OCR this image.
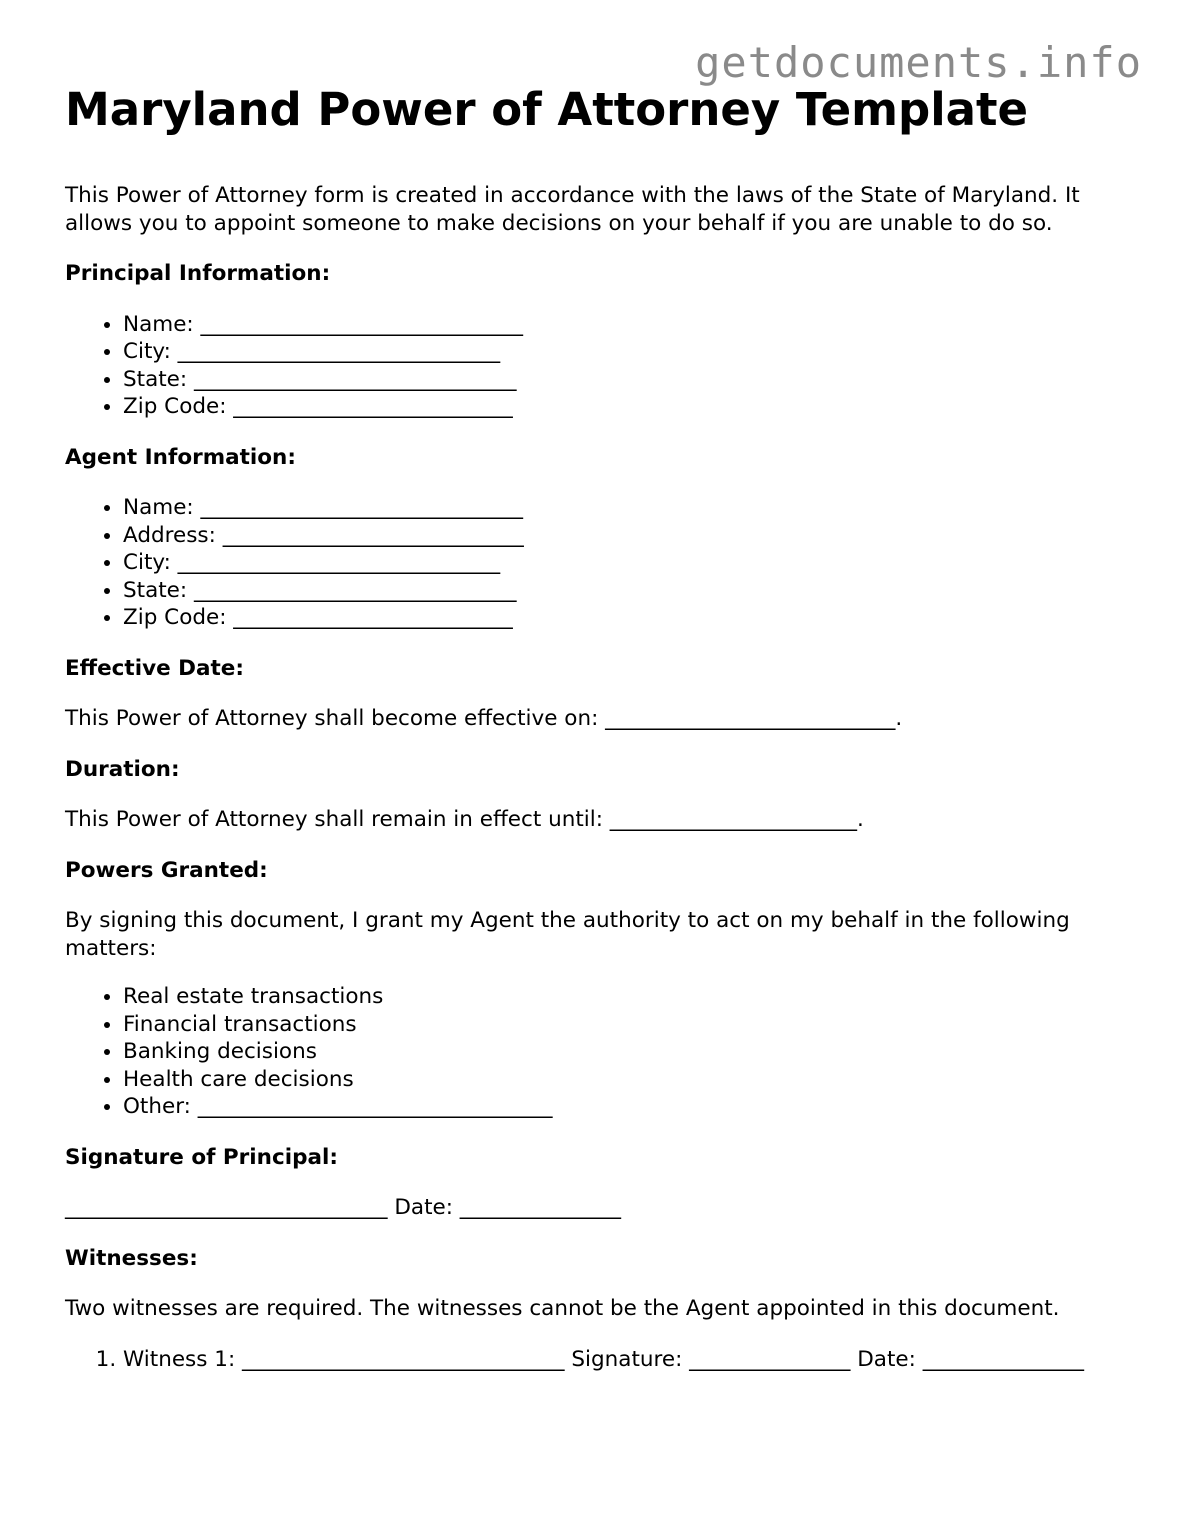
getdocuments.info
Maryland Power of Attorney Template

This Power of Attorney form is created in accordance with the laws of the State of Maryland. It allows you to appoint someone to make decisions on your behalf if you are unable to do so.

Principal Information:

• Name: ______________________________
• City: ______________________________
• State: ______________________________
• Zip Code: __________________________

Agent Information:

• Name: ______________________________
• Address: ____________________________
• City: ______________________________
• State: ______________________________
• Zip Code: __________________________

Effective Date:

This Power of Attorney shall become effective on: ___________________________.

Duration:

This Power of Attorney shall remain in effect until: _______________________.

Powers Granted:

By signing this document, I grant my Agent the authority to act on my behalf in the following matters:

• Real estate transactions
• Financial transactions
• Banking decisions
• Health care decisions
• Other: _________________________________

Signature of Principal:

______________________________ Date: _______________

Witnesses:

Two witnesses are required. The witnesses cannot be the Agent appointed in this document.

1. Witness 1: ______________________________ Signature: _______________ Date: _______________
